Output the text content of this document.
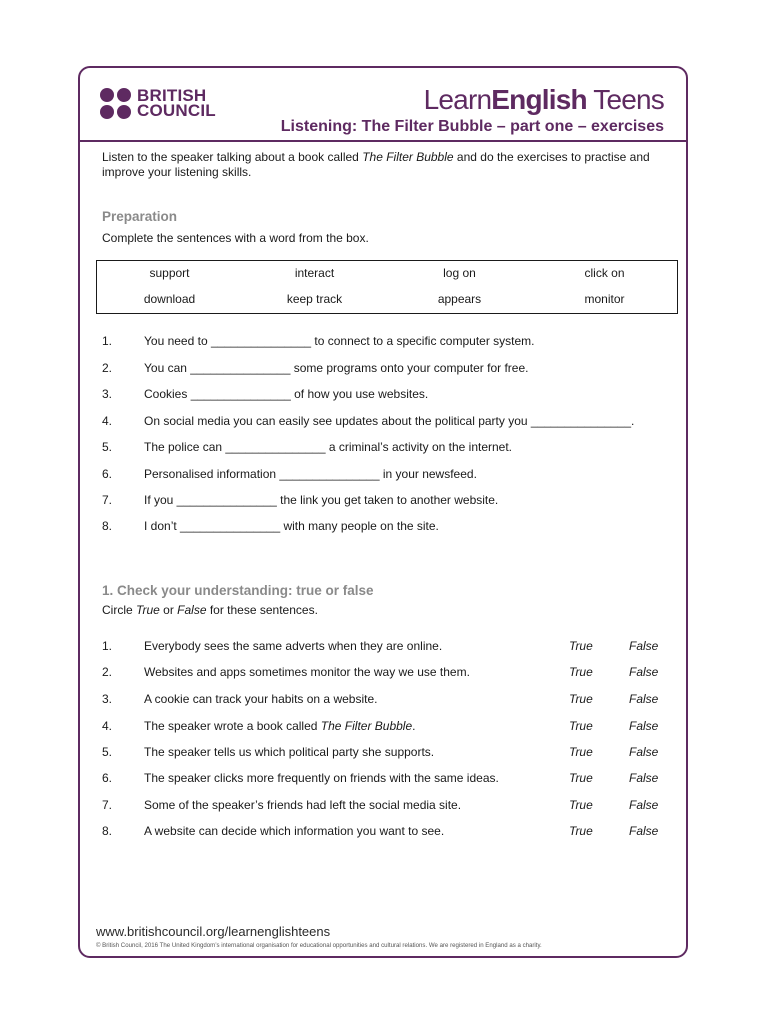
BRITISH
COUNCIL	LearnEnglish Teens
Listening: The Filter Bubble – part one – exercises
Listen to the speaker talking about a book called The Filter Bubble and do the exercises to practise and improve your listening skills.
Preparation
Complete the sentences with a word from the box.
support	interact	log on	click on
download	keep track	appears	monitor
1.	You need to _______________ to connect to a specific computer system.
2.	You can _______________ some programs onto your computer for free.
3.	Cookies _______________ of how you use websites.
4.	On social media you can easily see updates about the political party you _______________.
5.	The police can _______________ a criminal’s activity on the internet.
6.	Personalised information _______________ in your newsfeed.
7.	If you _______________ the link you get taken to another website.
8.	I don’t _______________ with many people on the site.
1. Check your understanding: true or false
Circle True or False for these sentences.
1.	Everybody sees the same adverts when they are online.	True	False
2.	Websites and apps sometimes monitor the way we use them.	True	False
3.	A cookie can track your habits on a website.	True	False
4.	The speaker wrote a book called The Filter Bubble.	True	False
5.	The speaker tells us which political party she supports.	True	False
6.	The speaker clicks more frequently on friends with the same ideas.	True	False
7.	Some of the speaker’s friends had left the social media site.	True	False
8.	A website can decide which information you want to see.	True	False
www.britishcouncil.org/learnenglishteens
© British Council, 2016 The United Kingdom’s international organisation for educational opportunities and cultural relations. We are registered in England as a charity.
